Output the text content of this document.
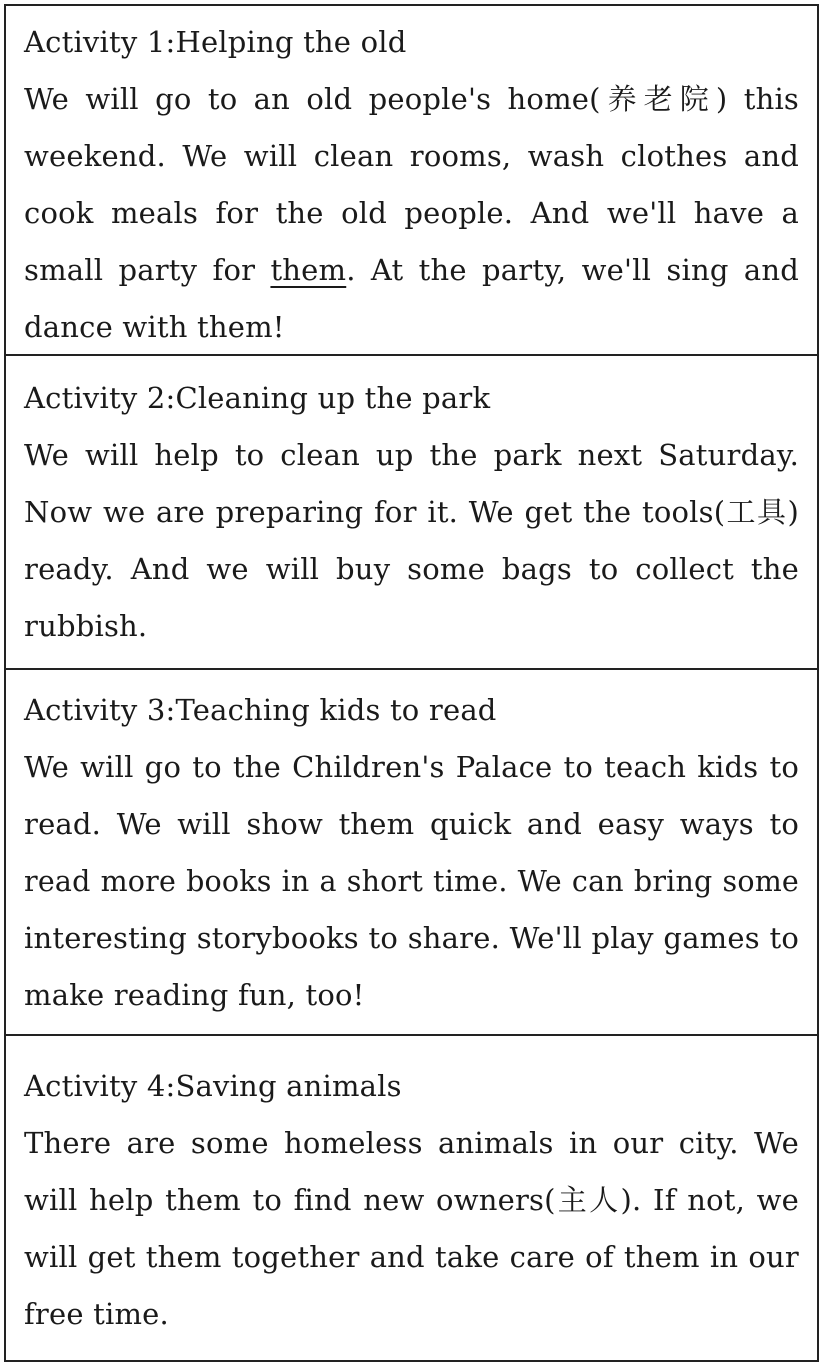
Activity 1:Helping the old
We will go to an old people's home(养老院) this
weekend. We will clean rooms, wash clothes and
cook meals for the old people. And we'll have a
small party for them. At the party, we'll sing and
dance with them!
Activity 2:Cleaning up the park
We will help to clean up the park next Saturday.
Now we are preparing for it. We get the tools(工具)
ready. And we will buy some bags to collect the
rubbish.
Activity 3:Teaching kids to read
We will go to the Children's Palace to teach kids to
read. We will show them quick and easy ways to
read more books in a short time. We can bring some
interesting storybooks to share. We'll play games to
make reading fun, too!
Activity 4:Saving animals
There are some homeless animals in our city. We
will help them to find new owners(主人). If not, we
will get them together and take care of them in our
free time.
